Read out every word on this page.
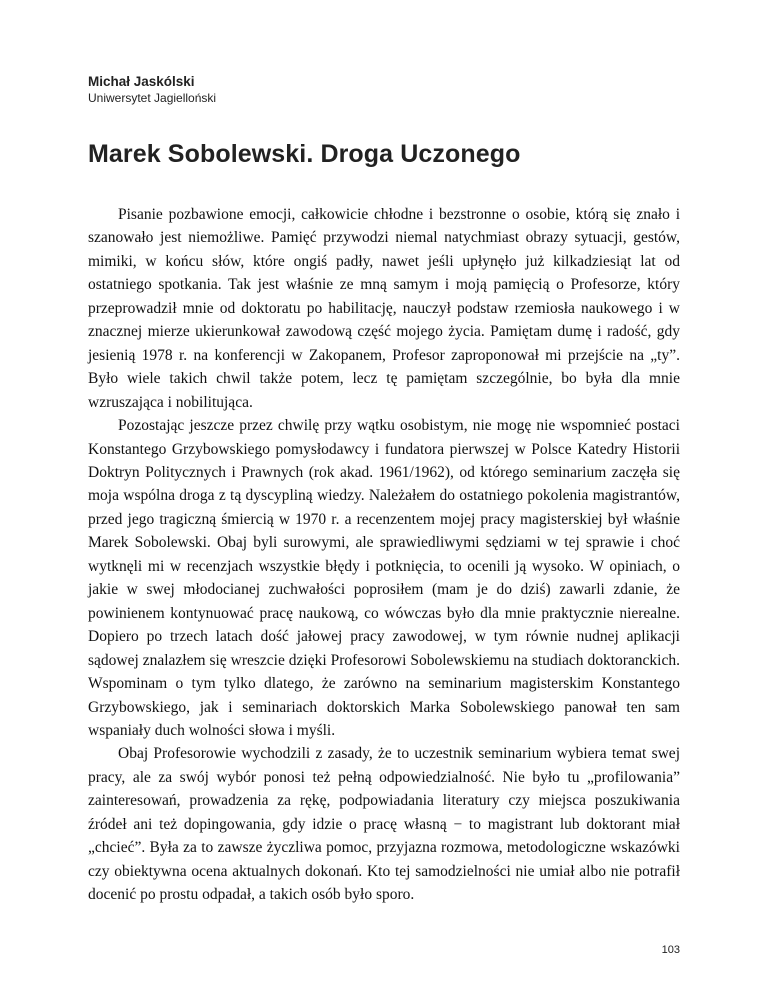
Michał Jaskólski
Uniwersytet Jagielloński
Marek Sobolewski. Droga Uczonego

Pisanie pozbawione emocji, całkowicie chłodne i bezstronne o osobie, którą się znało i szanowało jest niemożliwe. Pamięć przywodzi niemal natychmiast obrazy sytuacji, gestów, mimiki, w końcu słów, które ongiś padły, nawet jeśli upłynęło już kilkadziesiąt lat od ostatniego spotkania. Tak jest właśnie ze mną samym i moją pamięcią o Profesorze, który przeprowadził mnie od doktoratu po habilitację, nauczył podstaw rzemiosła naukowego i w znacznej mierze ukierunkował zawodową część mojego życia. Pamiętam dumę i radość, gdy jesienią 1978 r. na konferencji w Zakopanem, Profesor zaproponował mi przejście na „ty”. Było wiele takich chwil także potem, lecz tę pamiętam szczególnie, bo była dla mnie wzruszająca i nobilitująca.

Pozostając jeszcze przez chwilę przy wątku osobistym, nie mogę nie wspomnieć postaci Konstantego Grzybowskiego pomysłodawcy i fundatora pierwszej w Polsce Katedry Historii Doktryn Politycznych i Prawnych (rok akad. 1961/1962), od którego seminarium zaczęła się moja wspólna droga z tą dyscypliną wiedzy. Należałem do ostatniego pokolenia magistrantów, przed jego tragiczną śmiercią w 1970 r. a recenzentem mojej pracy magisterskiej był właśnie Marek Sobolewski. Obaj byli surowymi, ale sprawiedliwymi sędziami w tej sprawie i choć wytknęli mi w recenzjach wszystkie błędy i potknięcia, to ocenili ją wysoko. W opiniach, o jakie w swej młodocianej zuchwałości poprosiłem (mam je do dziś) zawarli zdanie, że powinienem kontynuować pracę naukową, co wówczas było dla mnie praktycznie nierealne. Dopiero po trzech latach dość jałowej pracy zawodowej, w tym równie nudnej aplikacji sądowej znalazłem się wreszcie dzięki Profesorowi Sobolewskiemu na studiach doktoranckich. Wspominam o tym tylko dlatego, że zarówno na seminarium magisterskim Konstantego Grzybowskiego, jak i seminariach doktorskich Marka Sobolewskiego panował ten sam wspaniały duch wolności słowa i myśli.

Obaj Profesorowie wychodzili z zasady, że to uczestnik seminarium wybiera temat swej pracy, ale za swój wybór ponosi też pełną odpowiedzialność. Nie było tu „profilowania” zainteresowań, prowadzenia za rękę, podpowiadania literatury czy miejsca poszukiwania źródeł ani też dopingowania, gdy idzie o pracę własną − to magistrant lub doktorant miał „chcieć”. Była za to zawsze życzliwa pomoc, przyjazna rozmowa, metodologiczne wskazówki czy obiektywna ocena aktualnych dokonań. Kto tej samodzielności nie umiał albo nie potrafił docenić po prostu odpadał, a takich osób było sporo.

103
